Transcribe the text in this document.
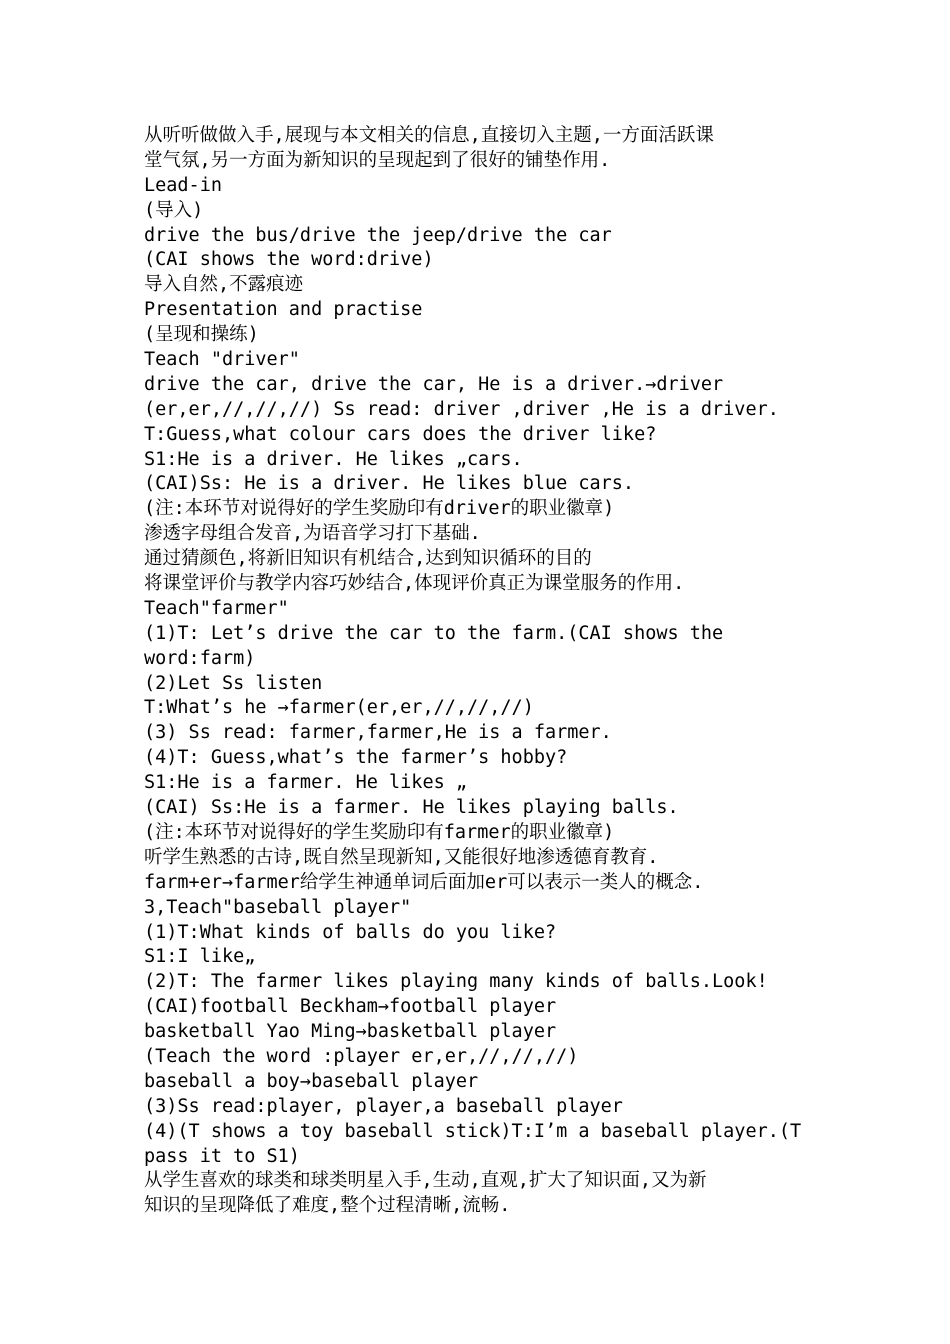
从听听做做入手,展现与本文相关的信息,直接切入主题,一方面活跃课
堂气氛,另一方面为新知识的呈现起到了很好的铺垫作用.
Lead-in
(导入)
drive the bus/drive the jeep/drive the car
(CAI shows the word:drive)
导入自然,不露痕迹
Presentation and practise
(呈现和操练)
Teach "driver"
drive the car, drive the car, He is a driver.→driver
(er,er,//,//,//) Ss read: driver ,driver ,He is a driver.
T:Guess,what colour cars does the driver like?
S1:He is a driver. He likes „cars.
(CAI)Ss: He is a driver. He likes blue cars.
(注:本环节对说得好的学生奖励印有driver的职业徽章)
渗透字母组合发音,为语音学习打下基础.
通过猜颜色,将新旧知识有机结合,达到知识循环的目的
将课堂评价与教学内容巧妙结合,体现评价真正为课堂服务的作用.
Teach"farmer"
(1)T: Let’s drive the car to the farm.(CAI shows the
word:farm)
(2)Let Ss listen
T:What’s he →farmer(er,er,//,//,//)
(3) Ss read: farmer,farmer,He is a farmer.
(4)T: Guess,what’s the farmer’s hobby?
S1:He is a farmer. He likes „
(CAI) Ss:He is a farmer. He likes playing balls.
(注:本环节对说得好的学生奖励印有farmer的职业徽章)
听学生熟悉的古诗,既自然呈现新知,又能很好地渗透德育教育.
farm+er→farmer给学生神通单词后面加er可以表示一类人的概念.
3,Teach"baseball player"
(1)T:What kinds of balls do you like?
S1:I like„
(2)T: The farmer likes playing many kinds of balls.Look!
(CAI)football Beckham→football player
basketball Yao Ming→basketball player
(Teach the word :player er,er,//,//,//)
baseball a boy→baseball player
(3)Ss read:player, player,a baseball player
(4)(T shows a toy baseball stick)T:I’m a baseball player.(T
pass it to S1)
从学生喜欢的球类和球类明星入手,生动,直观,扩大了知识面,又为新
知识的呈现降低了难度,整个过程清晰,流畅.
